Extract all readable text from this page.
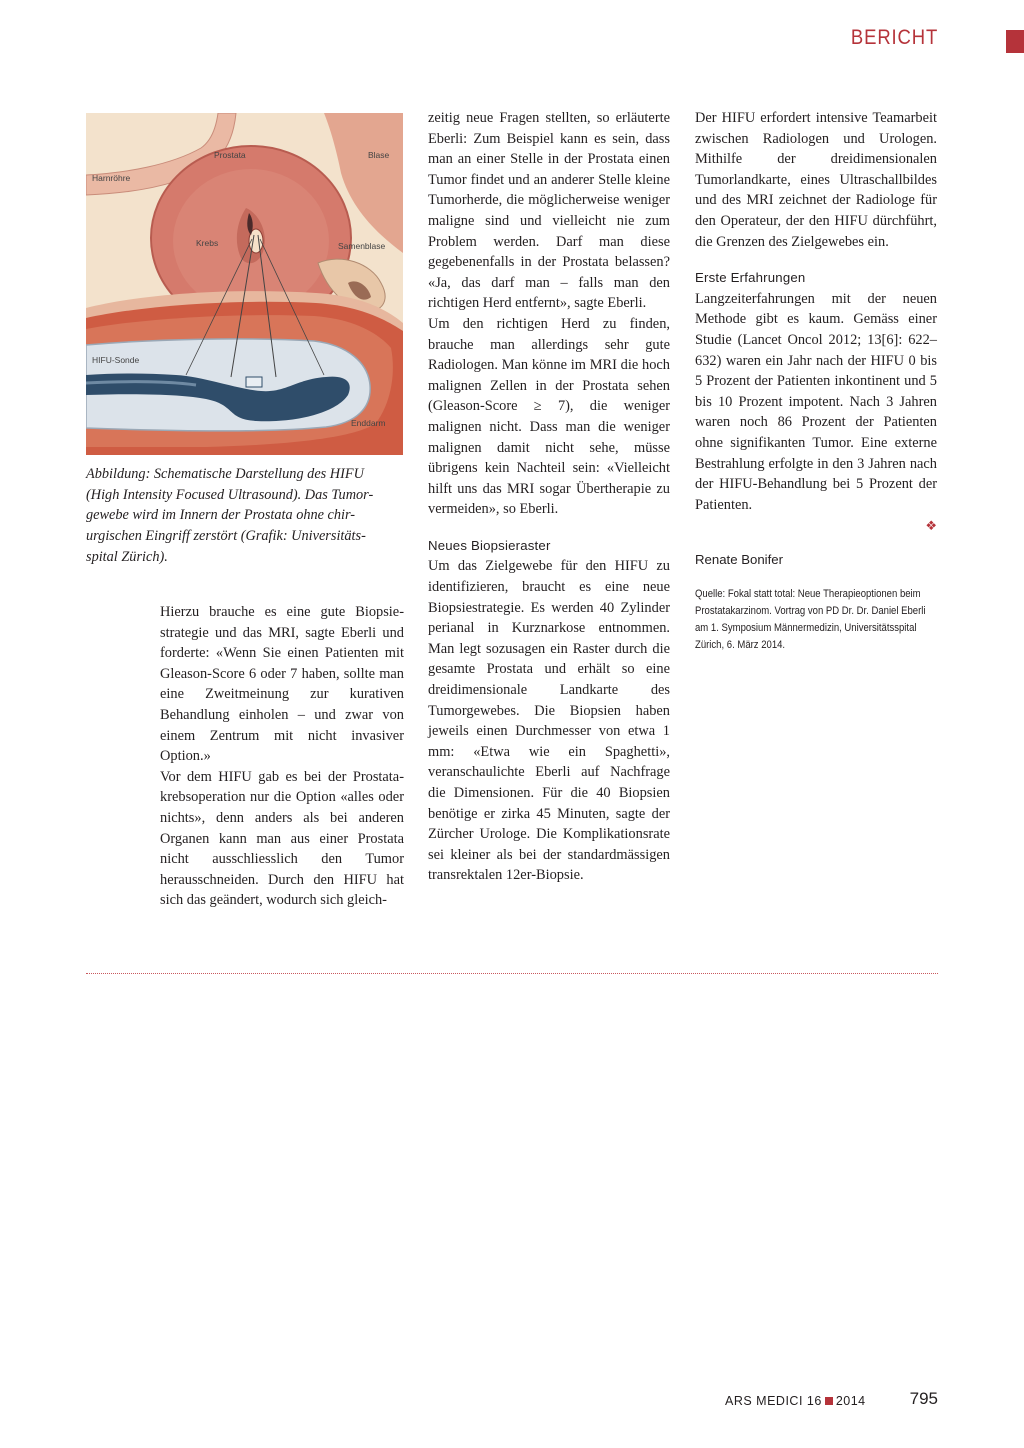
BERICHT
Harnröhre
Prostata	Blase
Krebs	Samenblase
HIFU-Sonde
Enddarm
Abbildung: Schematische Darstellung des HIFU
(High Intensity Focused Ultrasound). Das Tumor-
gewebe wird im Innern der Prostata ohne chir-
urgischen Eingriff zerstört (Grafik: Universitäts-
spital Zürich).

Hierzu brauche es eine gute Biopsie-strategie und das MRI, sagte Eberli und forderte: «Wenn Sie einen Patienten mit Gleason-Score 6 oder 7 haben, sollte man eine Zweitmeinung zur kurativen Behandlung einholen – und zwar von einem Zentrum mit nicht invasiver Option.»

Vor dem HIFU gab es bei der Prostata-krebsoperation nur die Option «alles oder nichts», denn anders als bei anderen Organen kann man aus einer Prostata nicht ausschliesslich den Tumor herausschneiden. Durch den HIFU hat sich das geändert, wodurch sich gleich-

zeitig neue Fragen stellten, so erläuterte Eberli: Zum Beispiel kann es sein, dass man an einer Stelle in der Prostata einen Tumor findet und an anderer Stelle kleine Tumorherde, die möglicherweise weniger maligne sind und vielleicht nie zum Problem werden. Darf man diese gegebenenfalls in der Prostata belassen? «Ja, das darf man – falls man den richtigen Herd entfernt», sagte Eberli.

Um den richtigen Herd zu finden, brauche man allerdings sehr gute Radiologen. Man könne im MRI die hoch malignen Zellen in der Prostata sehen (Gleason-Score ≥ 7), die weniger malignen nicht. Dass man die weniger malignen damit nicht sehe, müsse übrigens kein Nachteil sein: «Vielleicht hilft uns das MRI sogar Übertherapie zu vermeiden», so Eberli.

Neues Biopsieraster

Um das Zielgewebe für den HIFU zu identifizieren, braucht es eine neue Biopsiestrategie. Es werden 40 Zylinder perianal in Kurznarkose entnommen. Man legt sozusagen ein Raster durch die gesamte Prostata und erhält so eine dreidimensionale Landkarte des Tumorgewebes. Die Biopsien haben jeweils einen Durchmesser von etwa 1 mm: «Etwa wie ein Spaghetti», veranschaulichte Eberli auf Nachfrage die Dimensionen. Für die 40 Biopsien benötige er zirka 45 Minuten, sagte der Zürcher Urologe. Die Komplikationsrate sei kleiner als bei der standardmässigen transrektalen 12er-Biopsie.

Der HIFU erfordert intensive Teamarbeit zwischen Radiologen und Urologen. Mithilfe der dreidimensionalen Tumorlandkarte, eines Ultraschallbildes und des MRI zeichnet der Radiologe für den Operateur, der den HIFU dürchführt, die Grenzen des Zielgewebes ein.

Erste Erfahrungen

Langzeiterfahrungen mit der neuen Methode gibt es kaum. Gemäss einer Studie (Lancet Oncol 2012; 13[6]: 622–632) waren ein Jahr nach der HIFU 0 bis 5 Prozent der Patienten inkontinent und 5 bis 10 Prozent impotent. Nach 3 Jahren waren noch 86 Prozent der Patienten ohne signifikanten Tumor. Eine externe Bestrahlung erfolgte in den 3 Jahren nach der HIFU-Behandlung bei 5 Prozent der Patienten.

❖
Renate Bonifer
Quelle: Fokal statt total: Neue Therapieoptionen beim Prostatakarzinom. Vortrag von PD Dr. Dr. Daniel Eberli am 1. Symposium Männermedizin, Universitätsspital Zürich, 6. März 2014.
ARS MEDICI 16 2014	795
